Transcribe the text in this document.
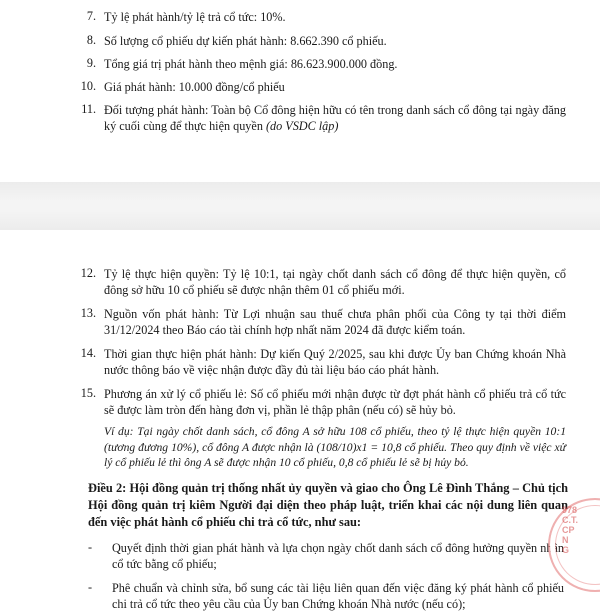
7. Tỷ lệ phát hành/tỷ lệ trả cổ tức: 10%.
8. Số lượng cổ phiếu dự kiến phát hành: 8.662.390 cổ phiếu.
9. Tổng giá trị phát hành theo mệnh giá: 86.623.900.000 đồng.
10. Giá phát hành: 10.000 đồng/cổ phiếu
11. Đối tượng phát hành: Toàn bộ Cổ đông hiện hữu có tên trong danh sách cổ đông tại ngày đăng ký cuối cùng để thực hiện quyền (do VSDC lập)
12. Tỷ lệ thực hiện quyền: Tỷ lệ 10:1, tại ngày chốt danh sách cổ đông để thực hiện quyền, cổ đông sở hữu 10 cổ phiếu sẽ được nhận thêm 01 cổ phiếu mới.
13. Nguồn vốn phát hành: Từ Lợi nhuận sau thuế chưa phân phối của Công ty tại thời điểm 31/12/2024 theo Báo cáo tài chính hợp nhất năm 2024 đã được kiểm toán.
14. Thời gian thực hiện phát hành: Dự kiến Quý 2/2025, sau khi được Ủy ban Chứng khoán Nhà nước thông báo về việc nhận được đầy đủ tài liệu báo cáo phát hành.
15. Phương án xử lý cổ phiếu lẻ: Số cổ phiếu mới nhận được từ đợt phát hành cổ phiếu trả cổ tức sẽ được làm tròn đến hàng đơn vị, phần lẻ thập phân (nếu có) sẽ hủy bỏ.
Ví dụ: Tại ngày chốt danh sách, cổ đông A sở hữu 108 cổ phiếu, theo tỷ lệ thực hiện quyền 10:1 (tương đương 10%), cổ đông A được nhận là (108/10)x1 = 10,8 cổ phiếu. Theo quy định về việc xử lý cổ phiếu lẻ thì ông A sẽ được nhận 10 cổ phiếu, 0,8 cổ phiếu lẻ sẽ bị hủy bỏ.
Điều 2: Hội đồng quản trị thống nhất ủy quyền và giao cho Ông Lê Đình Thắng – Chủ tịch Hội đồng quản trị kiêm Người đại diện theo pháp luật, triển khai các nội dung liên quan đến việc phát hành cổ phiếu chi trả cổ tức, như sau:
- Quyết định thời gian phát hành và lựa chọn ngày chốt danh sách cổ đông hưởng quyền nhận cổ tức bằng cổ phiếu;
- Phê chuẩn và chỉnh sửa, bổ sung các tài liệu liên quan đến việc đăng ký phát hành cổ phiếu chi trả cổ tức theo yêu cầu của Ủy ban Chứng khoán Nhà nước (nếu có);
978
C.T.
CP
N
G
